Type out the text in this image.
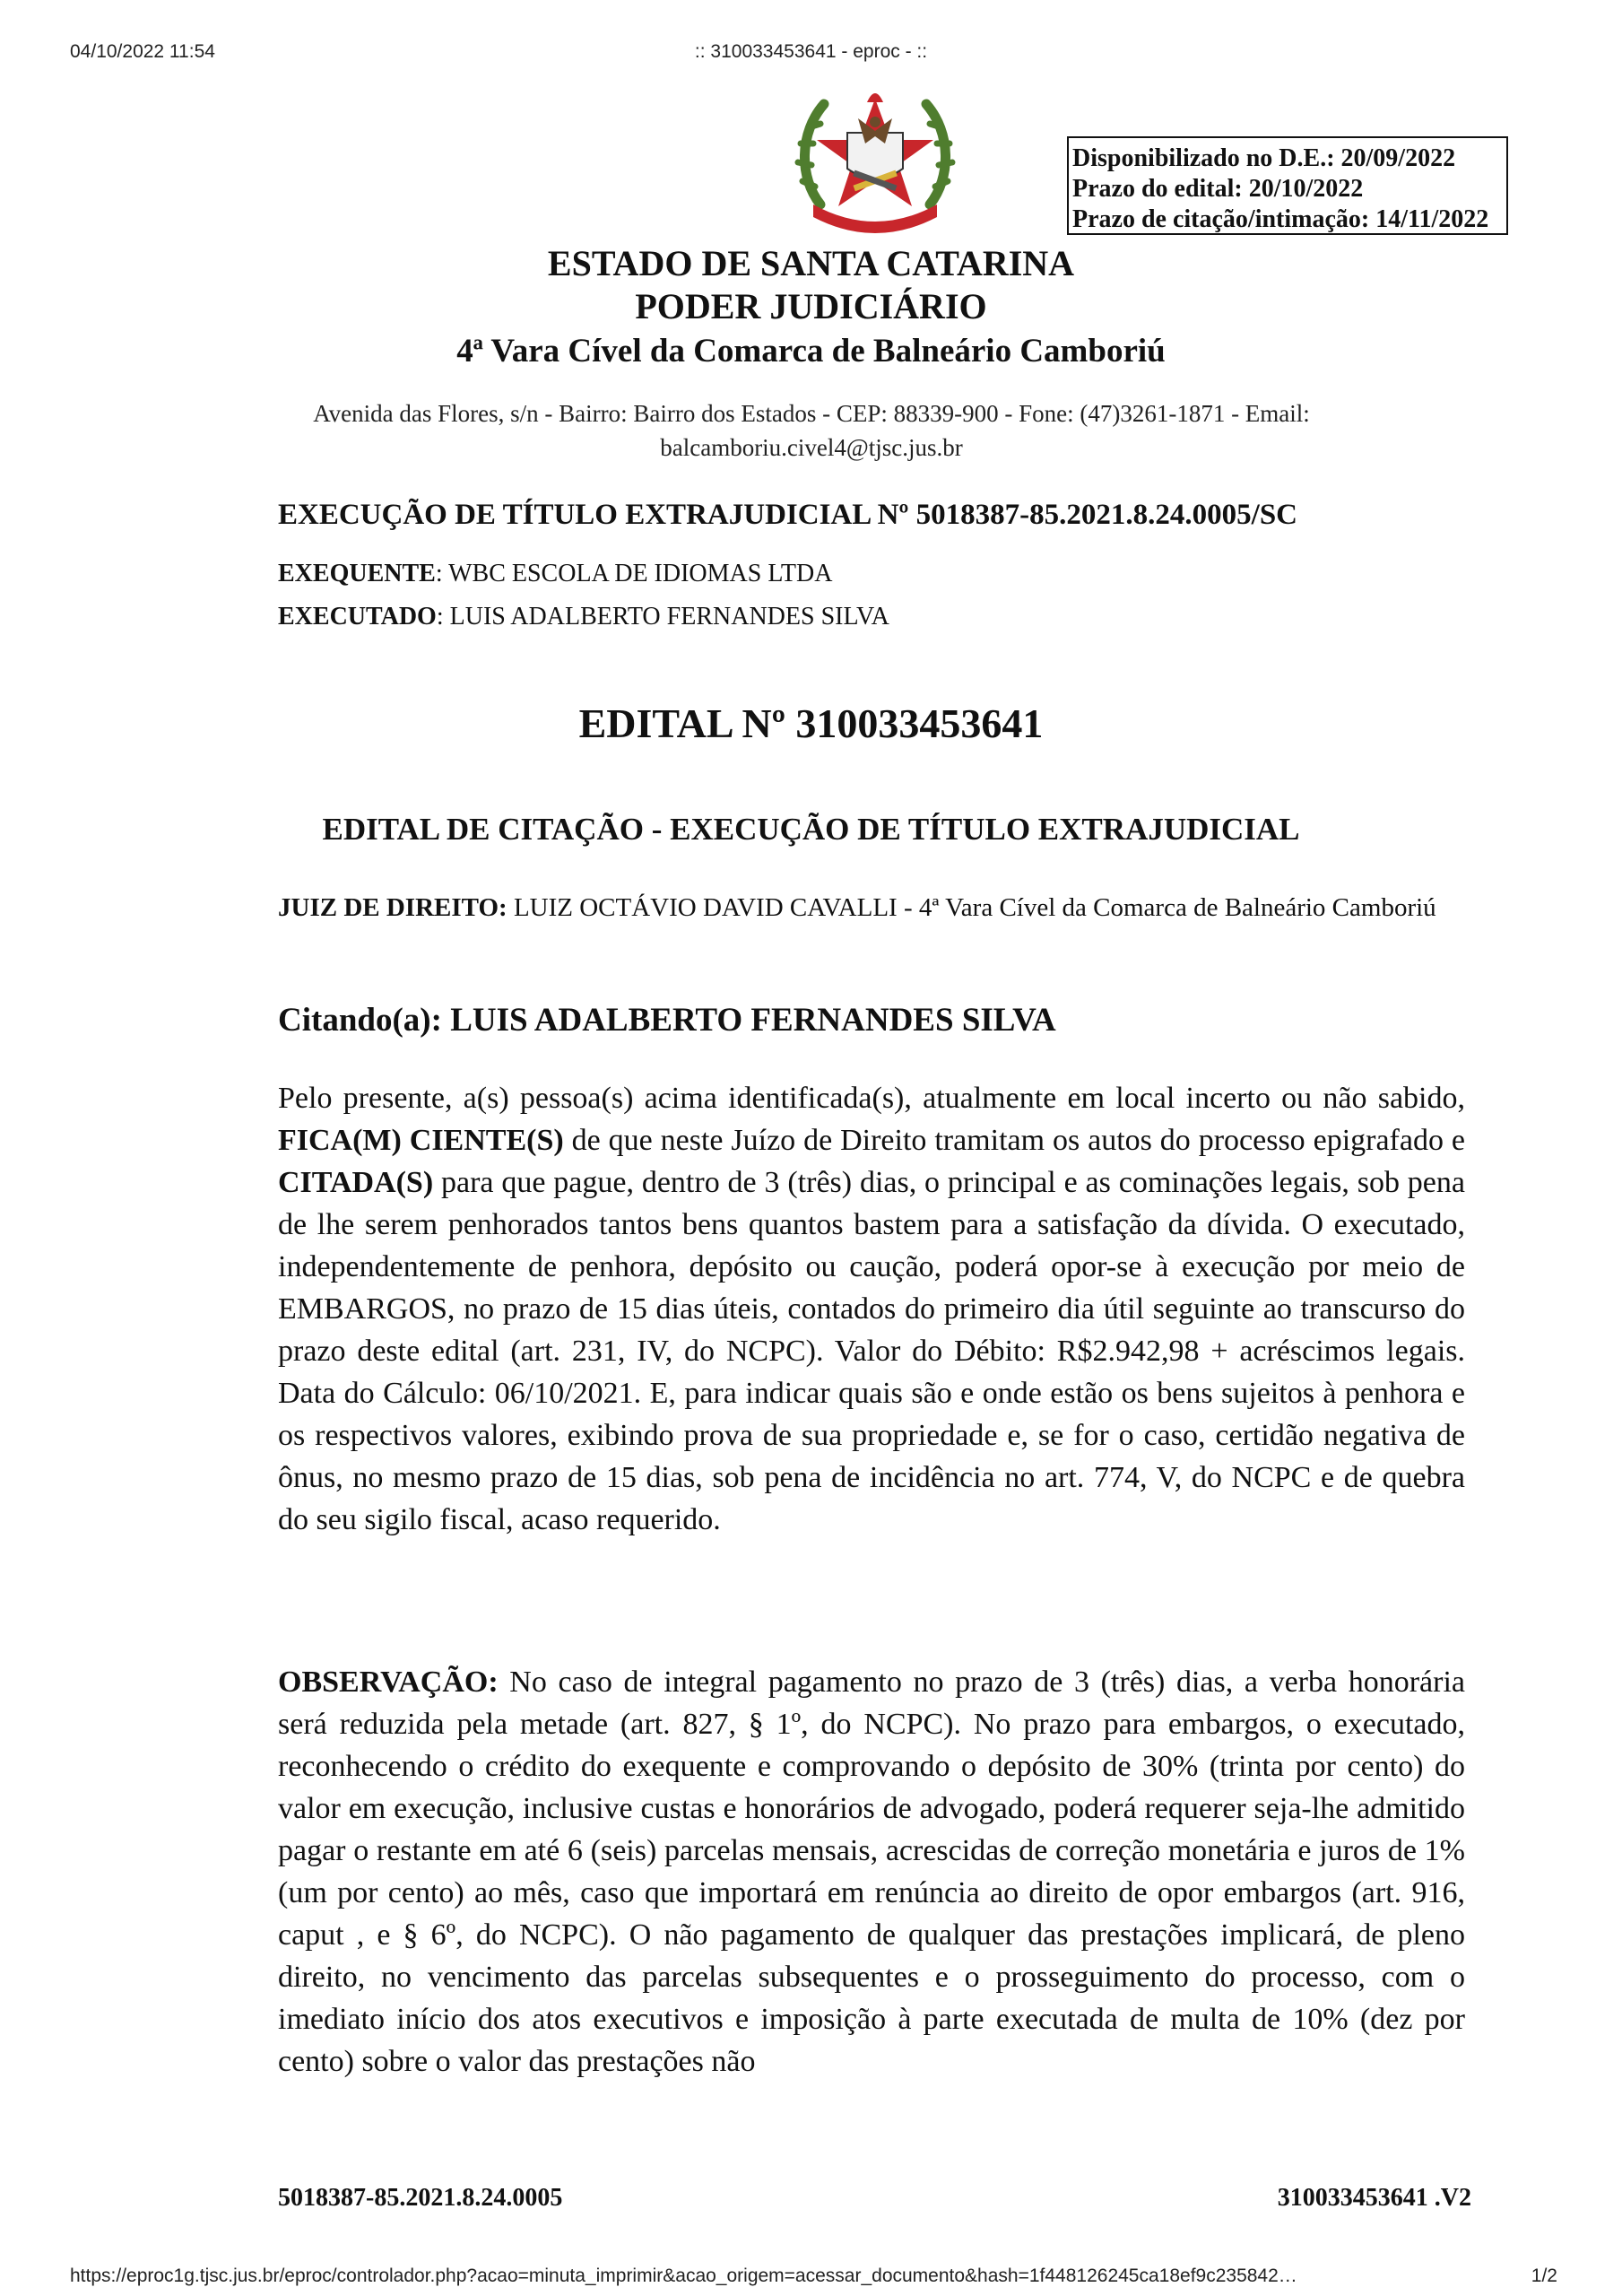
04/10/2022 11:54	:: 310033453641 - eproc - ::
Disponibilizado no D.E.: 20/09/2022
Prazo do edital: 20/10/2022
Prazo de citação/intimação: 14/11/2022
ESTADO DE SANTA CATARINA
PODER JUDICIÁRIO
4ª Vara Cível da Comarca de Balneário Camboriú
Avenida das Flores, s/n - Bairro: Bairro dos Estados - CEP: 88339-900 - Fone: (47)3261-1871 - Email:
balcamboriu.civel4@tjsc.jus.br
EXECUÇÃO DE TÍTULO EXTRAJUDICIAL Nº 5018387-85.2021.8.24.0005/SC
EXEQUENTE: WBC ESCOLA DE IDIOMAS LTDA
EXECUTADO: LUIS ADALBERTO FERNANDES SILVA
EDITAL Nº 310033453641
EDITAL DE CITAÇÃO - EXECUÇÃO DE TÍTULO EXTRAJUDICIAL
JUIZ DE DIREITO: LUIZ OCTÁVIO DAVID CAVALLI - 4ª Vara Cível da Comarca de Balneário Camboriú
Citando(a): LUIS ADALBERTO FERNANDES SILVA
Pelo presente, a(s) pessoa(s) acima identificada(s), atualmente em local incerto ou não sabido, FICA(M) CIENTE(S) de que neste Juízo de Direito tramitam os autos do processo epigrafado e CITADA(S) para que pague, dentro de 3 (três) dias, o principal e as cominações legais, sob pena de lhe serem penhorados tantos bens quantos bastem para a satisfação da dívida. O executado, independentemente de penhora, depósito ou caução, poderá opor-se à execução por meio de EMBARGOS, no prazo de 15 dias úteis, contados do primeiro dia útil seguinte ao transcurso do prazo deste edital (art. 231, IV, do NCPC). Valor do Débito: R$2.942,98 + acréscimos legais. Data do Cálculo: 06/10/2021. E, para indicar quais são e onde estão os bens sujeitos à penhora e os respectivos valores, exibindo prova de sua propriedade e, se for o caso, certidão negativa de ônus, no mesmo prazo de 15 dias, sob pena de incidência no art. 774, V, do NCPC e de quebra do seu sigilo fiscal, acaso requerido.
OBSERVAÇÃO: No caso de integral pagamento no prazo de 3 (três) dias, a verba honorária será reduzida pela metade (art. 827, § 1º, do NCPC). No prazo para embargos, o executado, reconhecendo o crédito do exequente e comprovando o depósito de 30% (trinta por cento) do valor em execução, inclusive custas e honorários de advogado, poderá requerer seja-lhe admitido pagar o restante em até 6 (seis) parcelas mensais, acrescidas de correção monetária e juros de 1% (um por cento) ao mês, caso que importará em renúncia ao direito de opor embargos (art. 916, caput , e § 6º, do NCPC). O não pagamento de qualquer das prestações implicará, de pleno direito, no vencimento das parcelas subsequentes e o prosseguimento do processo, com o imediato início dos atos executivos e imposição à parte executada de multa de 10% (dez por cento) sobre o valor das prestações não
5018387-85.2021.8.24.0005	310033453641 .V2
https://eproc1g.tjsc.jus.br/eproc/controlador.php?acao=minuta_imprimir&acao_origem=acessar_documento&hash=1f448126245ca18ef9c235842…	1/2
